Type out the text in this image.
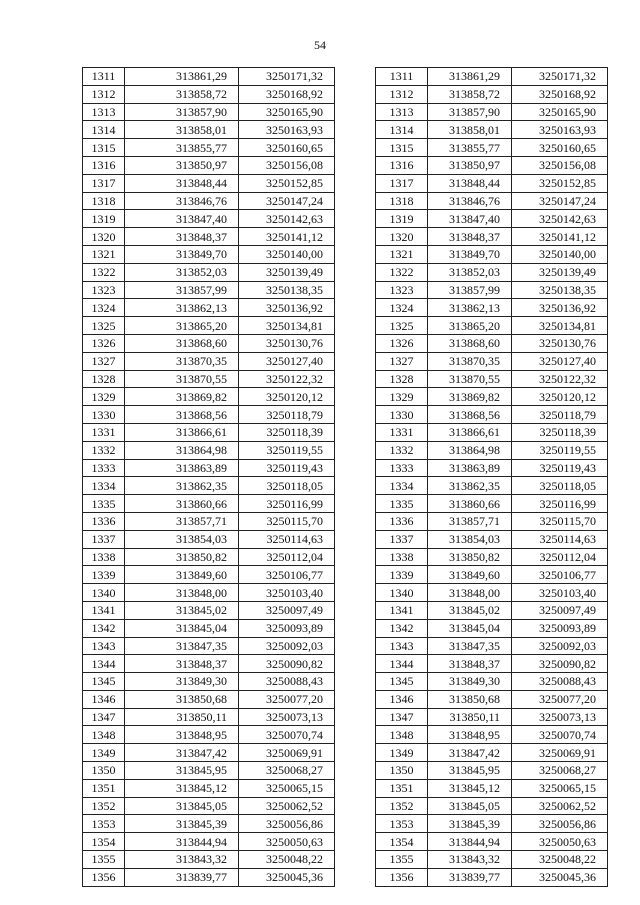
54
1311	313861,29	3250171,32
1312	313858,72	3250168,92
1313	313857,90	3250165,90
1314	313858,01	3250163,93
1315	313855,77	3250160,65
1316	313850,97	3250156,08
1317	313848,44	3250152,85
1318	313846,76	3250147,24
1319	313847,40	3250142,63
1320	313848,37	3250141,12
1321	313849,70	3250140,00
1322	313852,03	3250139,49
1323	313857,99	3250138,35
1324	313862,13	3250136,92
1325	313865,20	3250134,81
1326	313868,60	3250130,76
1327	313870,35	3250127,40
1328	313870,55	3250122,32
1329	313869,82	3250120,12
1330	313868,56	3250118,79
1331	313866,61	3250118,39
1332	313864,98	3250119,55
1333	313863,89	3250119,43
1334	313862,35	3250118,05
1335	313860,66	3250116,99
1336	313857,71	3250115,70
1337	313854,03	3250114,63
1338	313850,82	3250112,04
1339	313849,60	3250106,77
1340	313848,00	3250103,40
1341	313845,02	3250097,49
1342	313845,04	3250093,89
1343	313847,35	3250092,03
1344	313848,37	3250090,82
1345	313849,30	3250088,43
1346	313850,68	3250077,20
1347	313850,11	3250073,13
1348	313848,95	3250070,74
1349	313847,42	3250069,91
1350	313845,95	3250068,27
1351	313845,12	3250065,15
1352	313845,05	3250062,52
1353	313845,39	3250056,86
1354	313844,94	3250050,63
1355	313843,32	3250048,22
1356	313839,77	3250045,36
1311	313861,29	3250171,32
1312	313858,72	3250168,92
1313	313857,90	3250165,90
1314	313858,01	3250163,93
1315	313855,77	3250160,65
1316	313850,97	3250156,08
1317	313848,44	3250152,85
1318	313846,76	3250147,24
1319	313847,40	3250142,63
1320	313848,37	3250141,12
1321	313849,70	3250140,00
1322	313852,03	3250139,49
1323	313857,99	3250138,35
1324	313862,13	3250136,92
1325	313865,20	3250134,81
1326	313868,60	3250130,76
1327	313870,35	3250127,40
1328	313870,55	3250122,32
1329	313869,82	3250120,12
1330	313868,56	3250118,79
1331	313866,61	3250118,39
1332	313864,98	3250119,55
1333	313863,89	3250119,43
1334	313862,35	3250118,05
1335	313860,66	3250116,99
1336	313857,71	3250115,70
1337	313854,03	3250114,63
1338	313850,82	3250112,04
1339	313849,60	3250106,77
1340	313848,00	3250103,40
1341	313845,02	3250097,49
1342	313845,04	3250093,89
1343	313847,35	3250092,03
1344	313848,37	3250090,82
1345	313849,30	3250088,43
1346	313850,68	3250077,20
1347	313850,11	3250073,13
1348	313848,95	3250070,74
1349	313847,42	3250069,91
1350	313845,95	3250068,27
1351	313845,12	3250065,15
1352	313845,05	3250062,52
1353	313845,39	3250056,86
1354	313844,94	3250050,63
1355	313843,32	3250048,22
1356	313839,77	3250045,36
